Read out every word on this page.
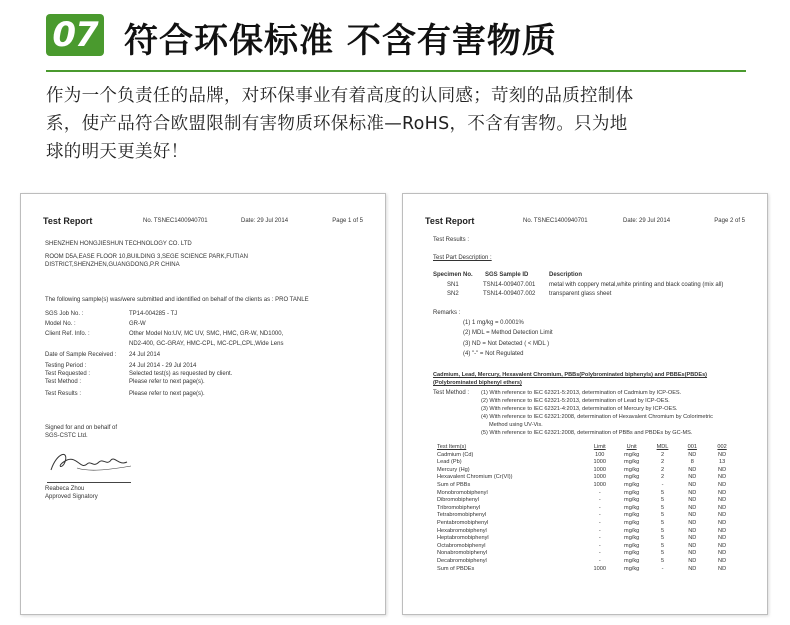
07 符合环保标准 不含有害物质
作为一个负责任的品牌，对环保事业有着高度的认同感；苛刻的品质控制体
系，使产品符合欧盟限制有害物质环保标准—RoHS，不含有害物。只为地
球的明天更美好！
Test Report	No. TSNEC1400940701	Date: 29 Jul 2014	Page 1 of 5
SHENZHEN HONGJIESHUN TECHNOLOGY CO. LTD
ROOM D5A,EASE FLOOR 10,BUILDING 3,SEGE SCIENCE PARK,FUTIAN
DISTRICT,SHENZHEN,GUANGDONG,P.R CHINA
The following sample(s) was/were submitted and identified on behalf of the clients as : PRO TANLE
SGS Job No. :	TP14-004285 - TJ
Model No. :	GR-W
Client Ref. Info. :	Other Model No:UV, MC UV, SMC, HMC, GR-W, ND1000,
ND2-400, GC-GRAY, HMC-CPL, MC-CPL,CPL,Wide Lens
Date of Sample Received : 24 Jul 2014
Testing Period :	24 Jul 2014 - 29 Jul 2014
Test Requested :	Selected test(s) as requested by client.
Test Method :	Please refer to next page(s).
Test Results :	Please refer to next page(s).
Signed for and on behalf of
SGS-CSTC Ltd.
Reabeca Zhou
Approved Signatory
Test Report	No. TSNEC1400940701	Date: 29 Jul 2014	Page 2 of 5
Test Results :
Test Part Description :
Specimen No. SGS Sample ID	Description
SN1	TSN14-009407.001 metal with coppery metal,white printing and black coating (mix all)
SN2	TSN14-009407.002 transparent glass sheet
Remarks :
(1) 1 mg/kg = 0.0001%
(2) MDL = Method Detection Limit
(3) ND = Not Detected ( < MDL )
(4) "-" = Not Regulated
Cadmium, Lead, Mercury, Hexavalent Chromium, PBBs(Polybrominated biphenyls) and PBBEs(PBDEs)
(Polybrominated biphenyl ethers)
Test Method : (1) With reference to IEC 62321-5:2013, determination of Cadmium by ICP-OES.
(2) With reference to IEC 62321-5:2013, determination of Lead by ICP-OES.
(3) With reference to IEC 62321-4:2013, determination of Mercury by ICP-OES.
(4) With reference to IEC 62321:2008, determination of Hexavalent Chromium by Colorimetric
Method using UV-Vis.
(5) With reference to IEC 62321:2008, determination of PBBs and PBDEs by GC-MS.
Test Item(s)	Limit	Unit	MDL	001	002
Cadmium (Cd)	100	mg/kg	2	ND	ND
Lead (Pb)	1000	mg/kg	2	8	13
Mercury (Hg)	1000	mg/kg	2	ND	ND
Hexavalent Chromium (Cr(VI))	1000	mg/kg	2	ND	ND
Sum of PBBs	1000	mg/kg	-	ND	ND
Monobromobiphenyl	-	mg/kg	5	ND	ND
Dibromobiphenyl	-	mg/kg	5	ND	ND
Tribromobiphenyl	-	mg/kg	5	ND	ND
Tetrabromobiphenyl	-	mg/kg	5	ND	ND
Pentabromobiphenyl	-	mg/kg	5	ND	ND
Hexabromobiphenyl	-	mg/kg	5	ND	ND
Heptabromobiphenyl	-	mg/kg	5	ND	ND
Octabromobiphenyl	-	mg/kg	5	ND	ND
Nonabromobiphenyl	-	mg/kg	5	ND	ND
Decabromobiphenyl	-	mg/kg	5	ND	ND
Sum of PBDEs	1000	mg/kg	-	ND	ND
